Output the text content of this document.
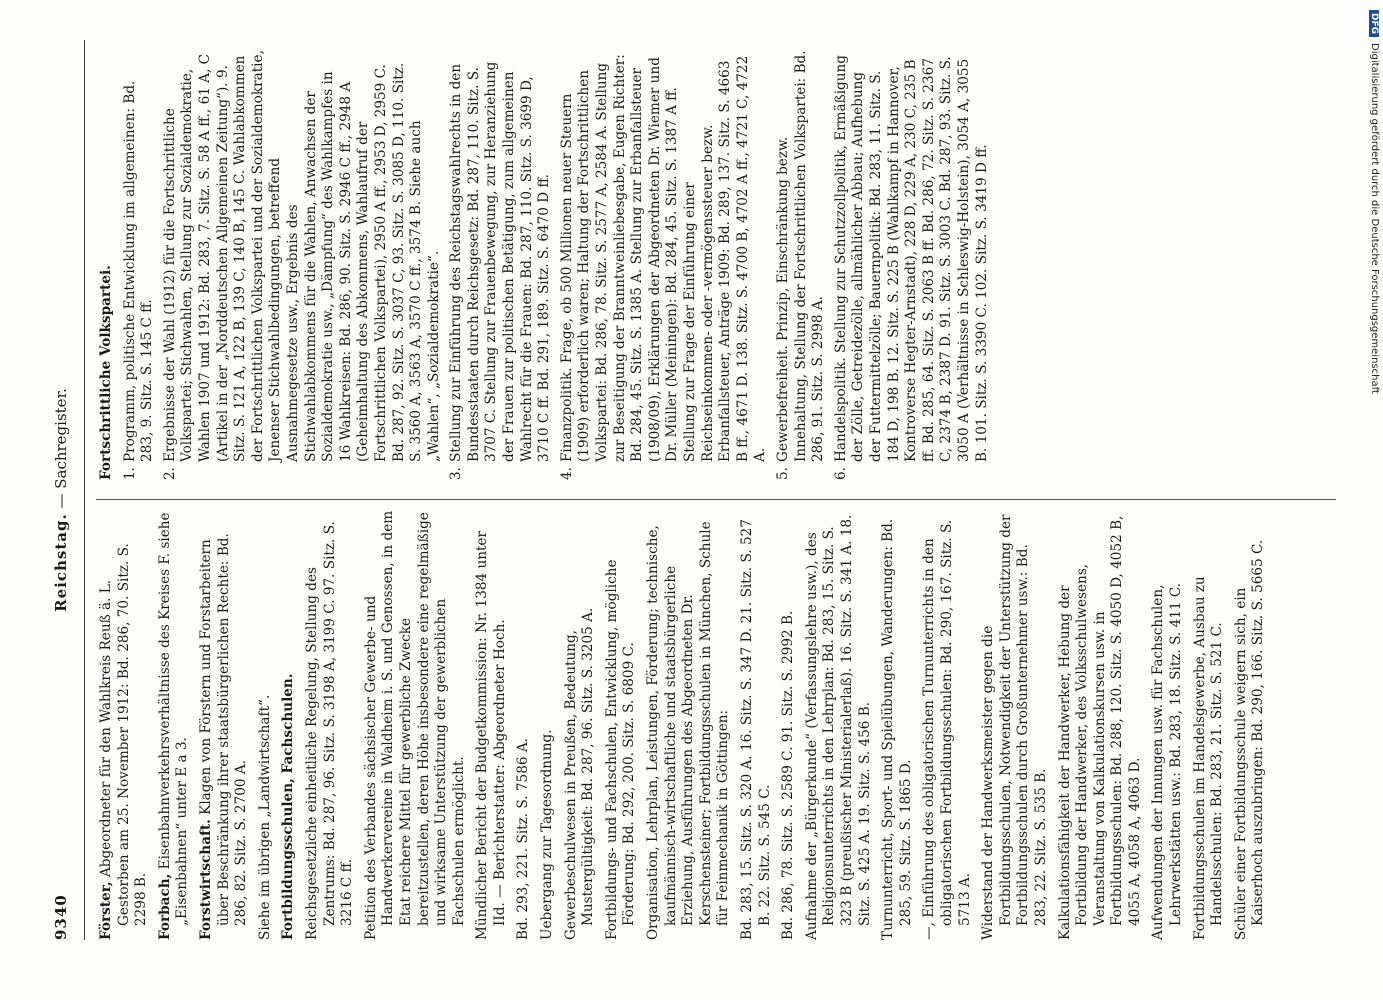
9340
Reichstag. — Sachregister.
Förster, Abgeordneter für den Wahlkreis Reuß ä. L. Gestorben am 25. November 1912: Bd. 286, 70. Sitz. S. 2298 B. Forbach, Eisenbahnverkehrsverhältnisse des Kreises F. siehe „Eisenbahnen“ unter E a 3. Forstwirtschaft. Klagen von Förstern und Forstarbeitern über Beschränkung ihrer staatsbürgerlichen Rechte: Bd. 286, 82. Sitz. S. 2700 A. Siehe im übrigen „Landwirtschaft“. Fortbildungsschulen, Fachschulen. Reichsgesetzliche einheitliche Regelung, Stellung des Zentrums: Bd. 287, 96. Sitz. S. 3198 A, 3199 C. 97. Sitz. S. 3216 C ff. Petition des Verbandes sächsischer Gewerbe- und Handwerkervereine in Waldheim i. S. und Genossen, in dem Etat reichere Mittel für gewerbliche Zwecke bereitzustellen, deren Höhe insbesondere eine regelmäßige und wirksame Unterstützung der gewerblichen Fachschulen ermöglicht. Mündlicher Bericht der Budgetkommission: Nr. 1384 unter IId. — Berichterstatter: Abgeordneter Hoch. Bd. 293, 221. Sitz. S. 7586 A. Uebergang zur Tagesordnung. Gewerbeschulwesen in Preußen, Bedeutung, Mustergültigkeit: Bd. 287, 96. Sitz. S. 3205 A. Fortbildungs- und Fachschulen, Entwicklung, mögliche Förderung: Bd. 292, 200. Sitz. S. 6809 C. Organisation, Lehrplan, Leistungen, Förderung; technische, kaufmännisch-wirtschaftliche und staatsbürgerliche Erziehung, Ausführungen des Abgeordneten Dr. Kerschensteiner; Fortbildungsschulen in München, Schule für Feinmechanik in Göttingen: Bd. 283, 15. Sitz. S. 320 A. 16. Sitz. S. 347 D. 21. Sitz. S. 527 B. 22. Sitz. S. 545 C. Bd. 286, 78. Sitz. S. 2589 C. 91. Sitz. S. 2992 B. Aufnahme der „Bürgerkunde“ (Verfassungslehre usw.), des Religionsunterrichts in den Lehrplan: Bd. 283, 15. Sitz. S. 323 B (preußischer Ministerialerlaß). 16. Sitz. S. 341 A. 18. Sitz. S. 425 A. 19. Sitz. S. 456 B. Turnunterricht, Sport- und Spielübungen, Wanderungen: Bd. 285, 59. Sitz. S. 1865 D. —, Einführung des obligatorischen Turnunterrichts in den obligatorischen Fortbildungsschulen: Bd. 290, 167. Sitz. S. 5713 A. Widerstand der Handwerksmeister gegen die Fortbildungsschulen, Notwendigkeit der Unterstützung der Fortbildungsschulen durch Großunternehmer usw.: Bd. 283, 22. Sitz. S. 535 B. Kalkulationsfähigkeit der Handwerker, Hebung der Fortbildung der Handwerker, des Volksschulwesens, Veranstaltung von Kalkulationskursen usw. in Fortbildungsschulen: Bd. 288, 120. Sitz. S. 4050 D, 4052 B, 4055 A, 4058 A, 4063 D. Aufwendungen der Innungen usw. für Fachschulen, Lehrwerkstätten usw.: Bd. 283, 18. Sitz. S. 411 C. Fortbildungsschulen im Handelsgewerbe, Ausbau zu Handelsschulen: Bd. 283, 21. Sitz. S. 521 C. Schüler einer Fortbildungsschule weigern sich, ein Kaiserhoch auszubringen: Bd. 290, 166. Sitz. S. 5665 C.
Fortschrittliche Volkspartei. 1.Programm, politische Entwicklung im allgemeinen: Bd. 283, 9. Sitz. S. 145 C ff.
2.Ergebnisse der Wahl (1912) für die Fortschrittliche Volkspartei; Stichwahlen, Stellung zur Sozialdemokratie, Wahlen 1907 und 1912: Bd. 283, 7. Sitz. S. 58 A ff., 61 A, C (Artikel in der „Norddeutschen Allgemeinen Zeitung“). 9. Sitz. S. 121 A, 122 B, 139 C, 140 B, 145 C. Wahlabkommen der Fortschrittlichen Volkspartei und der Sozialdemokratie, Jenenser Stichwahlbedingungen, betreffend Ausnahmegesetze usw., Ergebnis des Stichwahlabkommens für die Wahlen, Anwachsen der Sozialdemokratie usw., „Dämpfung“ des Wahlkampfes in 16 Wahlkreisen: Bd. 286, 90. Sitz. S. 2946 C ff., 2948 A (Geheimhaltung des Abkommens, Wahlaufruf der Fortschrittlichen Volkspartei), 2950 A ff., 2953 D, 2959 C. Bd. 287, 92. Sitz. S. 3037 C, 93. Sitz. S. 3085 D, 110. Sitz. S. 3560 A, 3563 A, 3570 C ff., 3574 B. Siehe auch „Wahlen“, „Sozialdemokratie“.
3.Stellung zur Einführung des Reichstagswahlrechts in den Bundesstaaten durch Reichsgesetz: Bd. 287, 110. Sitz. S. 3707 C. Stellung zur Frauenbewegung, zur Heranziehung der Frauen zur politischen Betätigung, zum allgemeinen Wahlrecht für die Frauen: Bd. 287, 110. Sitz. S. 3699 D, 3710 C ff. Bd. 291, 189. Sitz. S. 6470 D ff.
4.Finanzpolitik. Frage, ob 500 Millionen neuer Steuern (1909) erforderlich waren; Haltung der Fortschrittlichen Volkspartei: Bd. 286, 78. Sitz. S. 2577 A, 2584 A. Stellung zur Beseitigung der Branntweinliebesgabe, Eugen Richter: Bd. 284, 45. Sitz. S. 1385 A. Stellung zur Erbanfallsteuer (1908/09), Erklärungen der Abgeordneten Dr. Wiemer und Dr. Müller (Meiningen): Bd. 284, 45. Sitz. S. 1387 A ff. Stellung zur Frage der Einführung einer Reichseinkommen- oder -vermögenssteuer bezw. Erbanfallsteuer, Anträge 1909: Bd. 289, 137. Sitz. S. 4663 B ff., 4671 D. 138. Sitz. S. 4700 B, 4702 A ff., 4721 C, 4722 A.
5.Gewerbefreiheit. Prinzip, Einschränkung bezw. Innehaltung, Stellung der Fortschrittlichen Volkspartei: Bd. 286, 91. Sitz. S. 2998 A.
6.Handelspolitik. Stellung zur Schutzzollpolitik, Ermäßigung der Zölle, Getreidezölle, allmählicher Abbau; Aufhebung der Futtermittelzölle; Bauernpolitik: Bd. 283, 11. Sitz. S. 184 D, 198 B. 12. Sitz. S. 225 B (Wahlkampf in Hannover, Kontroverse Hegter-Arnstadt), 228 D, 229 A, 230 C, 235 B ff. Bd. 285, 64. Sitz. S. 2063 B ff. Bd. 286, 72. Sitz. S. 2367 C, 2374 B, 2387 D. 91. Sitz. S. 3003 C. Bd. 287, 93. Sitz. S. 3050 A (Verhältnisse in Schleswig-Holstein), 3054 A, 3055 B. 101. Sitz. S. 3390 C. 102. Sitz. S. 3419 D ff.
DFGDigitalisierung gefördert durch die Deutsche Forschungsgemeinschaft
